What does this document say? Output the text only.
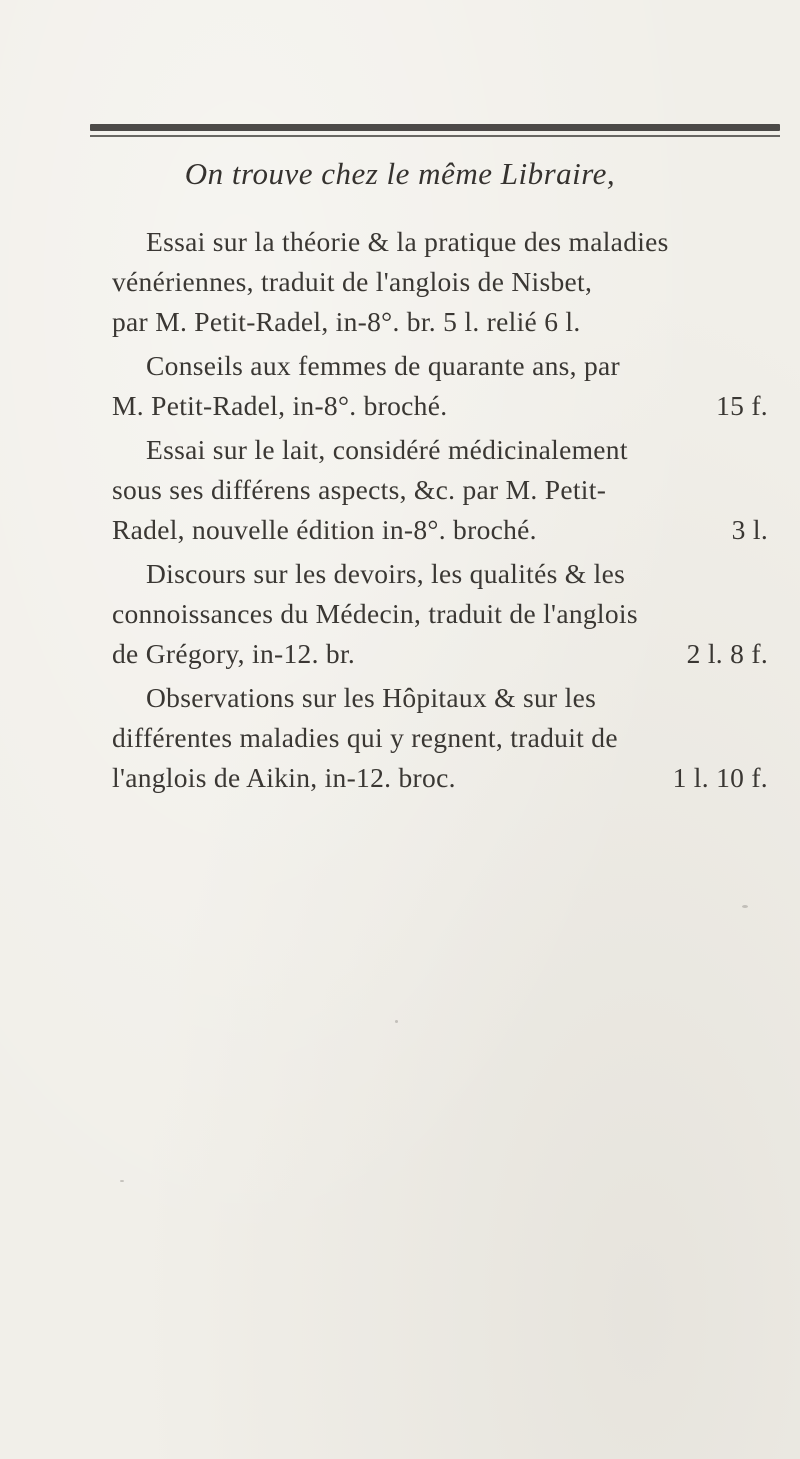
On trouve chez le même Libraire,
Essai sur la théorie & la pratique des maladies
vénériennes, traduit de l'anglois de Nisbet,
par M. Petit-Radel, in-8°. br. 5 l. relié 6 l.
Conseils aux femmes de quarante ans, par
M. Petit-Radel, in-8°. broché.	15 f.
Essai sur le lait, considéré médicinalement
sous ses différens aspects, &c. par M. Petit-
Radel, nouvelle édition in-8°. broché.	3 l.
Discours sur les devoirs, les qualités & les
connoissances du Médecin, traduit de l'anglois
de Grégory, in-12. br.	2 l. 8 f.
Observations sur les Hôpitaux & sur les
différentes maladies qui y regnent, traduit de
l'anglois de Aikin, in-12. broc.	1 l. 10 f.
